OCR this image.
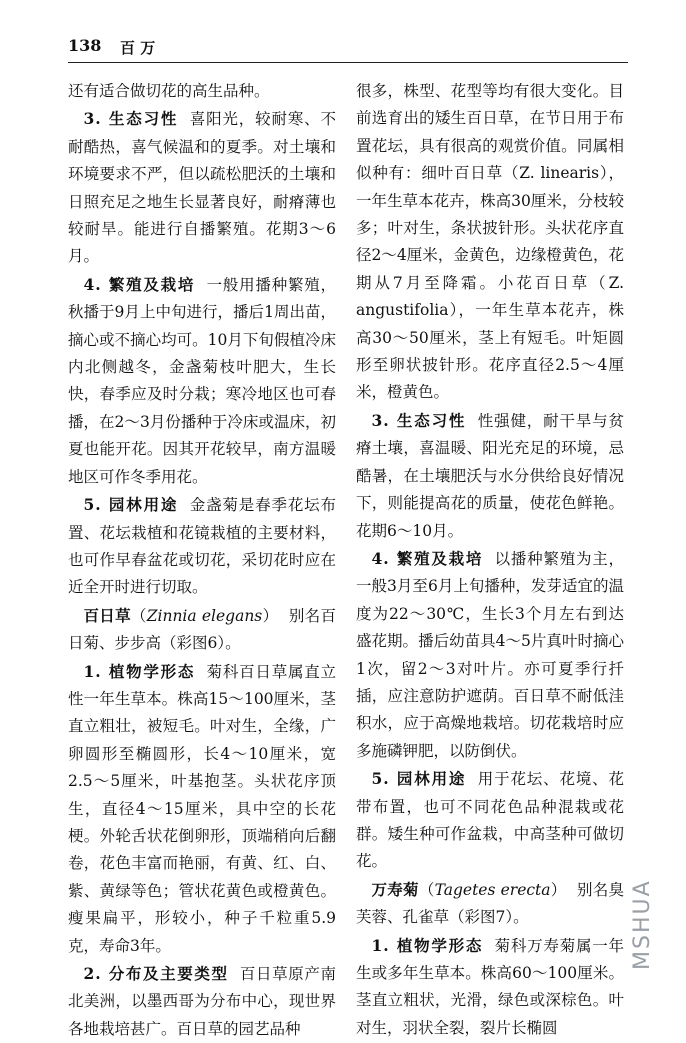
138 百 万

还有适合做切花的高生品种。

3. 生态习性 喜阳光，较耐寒、不耐酷热，喜气候温和的夏季。对土壤和环境要求不严，但以疏松肥沃的土壤和日照充足之地生长显著良好，耐瘠薄也较耐旱。能进行自播繁殖。花期3～6月。

4. 繁殖及栽培 一般用播种繁殖，秋播于9月上中旬进行，播后1周出苗，摘心或不摘心均可。10月下旬假植冷床内北侧越冬，金盏菊枝叶肥大，生长快，春季应及时分栽；寒冷地区也可春播，在2～3月份播种于冷床或温床，初夏也能开花。因其开花较早，南方温暖地区可作冬季用花。

5. 园林用途 金盏菊是春季花坛布置、花坛栽植和花镜栽植的主要材料，也可作早春盆花或切花，采切花时应在近全开时进行切取。

百日草（Zinnia elegans）  别名百日菊、步步高（彩图6）。

1. 植物学形态 菊科百日草属直立性一年生草本。株高15～100厘米，茎直立粗壮，被短毛。叶对生，全缘，广卵圆形至椭圆形，长4～10厘米，宽2.5～5厘米，叶基抱茎。头状花序顶生，直径4～15厘米，具中空的长花梗。外轮舌状花倒卵形，顶端稍向后翻卷，花色丰富而艳丽，有黄、红、白、紫、黄绿等色；管状花黄色或橙黄色。瘦果扁平，形较小，种子千粒重5.9克，寿命3年。

2. 分布及主要类型 百日草原产南北美洲，以墨西哥为分布中心，现世界各地栽培甚广。百日草的园艺品种

很多，株型、花型等均有很大变化。目前选育出的矮生百日草，在节日用于布置花坛，具有很高的观赏价值。同属相似种有：细叶百日草（Z. linearis），一年生草本花卉，株高30厘米，分枝较多；叶对生，条状披针形。头状花序直径2～4厘米，金黄色，边缘橙黄色，花期从7月至降霜。小花百日草（Z. angustifolia），一年生草本花卉，株高30～50厘米，茎上有短毛。叶矩圆形至卵状披针形。花序直径2.5～4厘米，橙黄色。

3. 生态习性 性强健，耐干旱与贫瘠土壤，喜温暖、阳光充足的环境，忌酷暑，在土壤肥沃与水分供给良好情况下，则能提高花的质量，使花色鲜艳。花期6～10月。

4. 繁殖及栽培 以播种繁殖为主，一般3月至6月上旬播种，发芽适宜的温度为22～30℃，生长3个月左右到达盛花期。播后幼苗具4～5片真叶时摘心1次，留2～3对叶片。亦可夏季行扦插，应注意防护遮荫。百日草不耐低洼积水，应于高燥地栽培。切花栽培时应多施磷钾肥，以防倒伏。

5. 园林用途 用于花坛、花境、花带布置，也可不同花色品种混栽或花群。矮生种可作盆栽，中高茎种可做切花。

万寿菊（Tagetes erecta）  别名臭芙蓉、孔雀草（彩图7）。

1. 植物学形态 菊科万寿菊属一年生或多年生草本。株高60～100厘米。茎直立粗状，光滑，绿色或深棕色。叶对生，羽状全裂，裂片长椭圆

MSHUA
